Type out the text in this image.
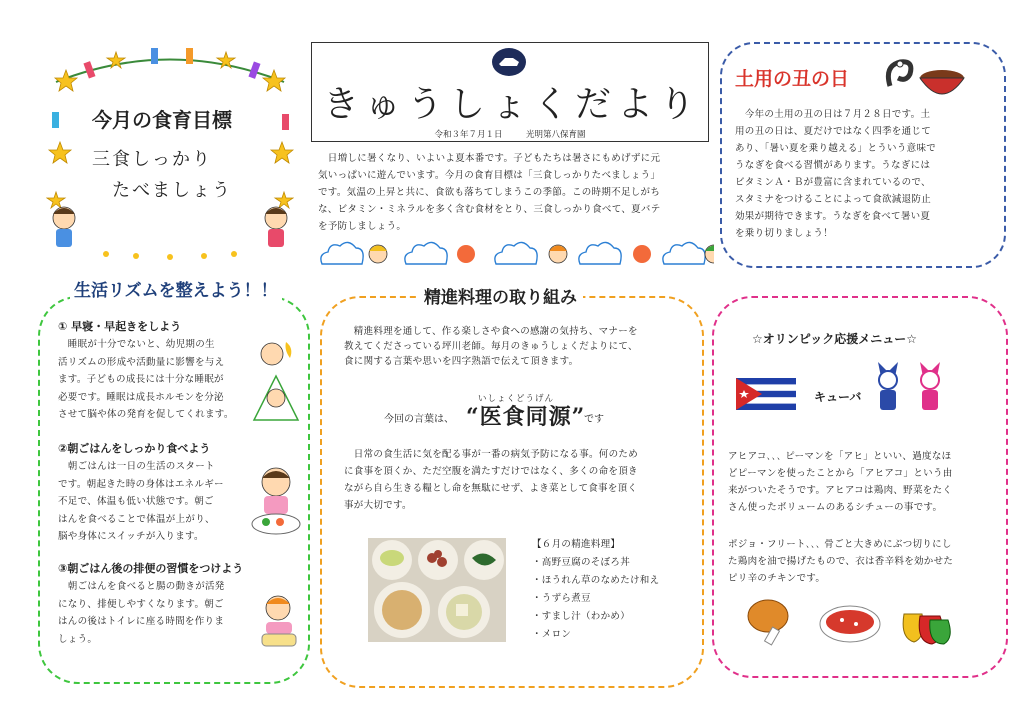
今月の食育目標
三食しっかり
たべましょう
きゅうしょくだより
令和３年７月１日	光明第八保育園

　日増しに暑くなり、いよいよ夏本番です。子どもたちは暑さにもめげずに元

気いっぱいに遊んでいます。今月の食育目標は「三食しっかりたべましょう」

です。気温の上昇と共に、食欲も落ちてしまうこの季節。この時期不足しがち

な、ビタミン・ミネラルを多く含む食材をとり、三食しっかり食べて、夏バテ

を予防しましょう。

土用の丑の日

　今年の土用の丑の日は７月２８日です。土

用の丑の日は、夏だけではなく四季を通じて

あり、「暑い夏を乗り越える」とういう意味で

うなぎを食べる習慣があります。うなぎには

ビタミンＡ・Ｂが豊富に含まれているので、

スタミナをつけることによって食欲減退防止

効果が期待できます。うなぎを食べて暑い夏

を乗り切りましょう！

生活リズムを整えよう！！
① 早寝・早起きをしよう

　睡眠が十分でないと、幼児期の生

活リズムの形成や活動量に影響を与え

ます。子どもの成長には十分な睡眠が

必要です。睡眠は成長ホルモンを分泌

させて脳や体の発育を促してくれます。

②朝ごはんをしっかり食べよう

　朝ごはんは一日の生活のスタート

です。朝起きた時の身体はエネルギー

不足で、体温も低い状態です。朝ご

はんを食べることで体温が上がり、

脳や身体にスイッチが入ります。

③朝ごはん後の排便の習慣をつけよう

　朝ごはんを食べると腸の動きが活発

になり、排便しやすくなります。朝ご

はんの後はトイレに座る時間を作りま

しょう。

精進料理の取り組み

　精進料理を通して、作る楽しさや食への感謝の気持ち、マナーを

教えてくださっている坪川老師。毎月のきゅうしょくだよりにて、

食に関する言葉や思いを四字熟語で伝えて頂きます。

いしょくどうげん
今回の言葉は、 “医食同源”
です

　日常の食生活に気を配る事が一番の病気予防になる事。何のため

に食事を頂くか、ただ空腹を満たすだけではなく、多くの命を頂き

ながら自ら生きる糧とし命を無駄にせず、よき菜として食事を頂く

事が大切です。

【６月の精進料理】

・高野豆腐のそぼろ丼

・ほうれん草のなめたけ和え

・うずら煮豆

・すまし汁（わかめ）

・メロン

☆オリンピック応援メニュー☆
キューバ

アヒアコ､､､ ピーマンを「アヒ」といい、過度なほ

どピーマンを使ったことから「アヒアコ」という由

来がついたそうです。アヒアコは鶏肉、野菜をたく

さん使ったボリュームのあるシチューの事です。

ポジョ・フリート､､､ 骨ごと大きめにぶつ切りにし

た鶏肉を油で揚げたもので、衣は香辛料を効かせた

ピリ辛のチキンです。
